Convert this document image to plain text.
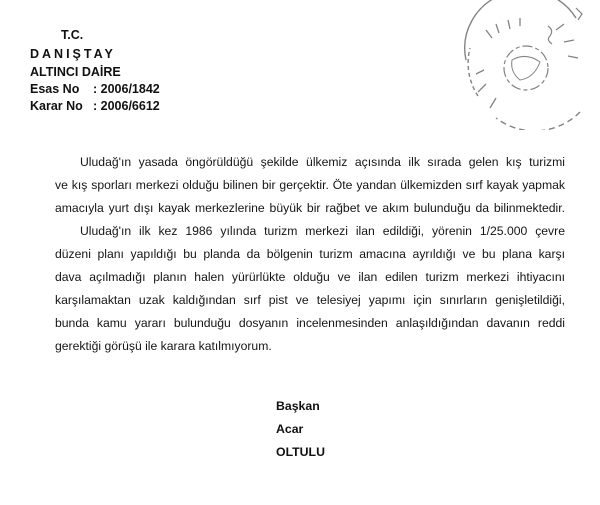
T.C.
DANIŞTAY
ALTINCI DAİRE
Esas No : 2006/1842
Karar No : 2006/6612
Uludağ'ın yasada öngörüldüğü şekilde ülkemiz açısında ilk sırada gelen kış turizmi
ve kış sporları merkezi olduğu bilinen bir gerçektir. Öte yandan ülkemizden sırf kayak yapmak
amacıyla yurt dışı kayak merkezlerine büyük bir rağbet ve akım bulunduğu da bilinmektedir.
Uludağ'ın ilk kez 1986 yılında turizm merkezi ilan edildiği, yörenin 1/25.000 çevre
düzeni planı yapıldığı bu planda da bölgenin turizm amacına ayrıldığı ve bu plana karşı
dava açılmadığı planın halen yürürlükte olduğu ve ilan edilen turizm merkezi ihtiyacını
karşılamaktan uzak kaldığından sırf pist ve telesiyej yapımı için sınırların genişletildiği,
bunda kamu yararı bulunduğu dosyanın incelenmesinden anlaşıldığından davanın reddi
gerektiği görüşü ile karara katılmıyorum.
Başkan
Acar
OLTULU
